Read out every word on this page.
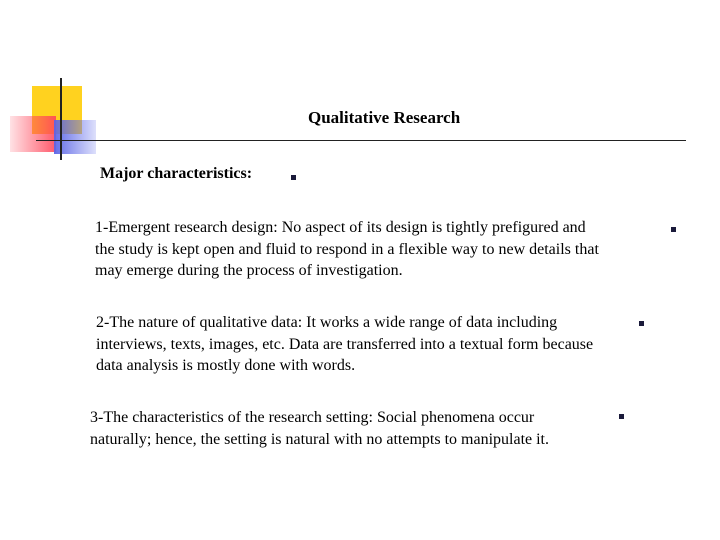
Qualitative Research
Major characteristics:
1-Emergent research design: No aspect of its design is tightly prefigured and
the study is kept open and fluid to respond in a flexible way to new details that
may emerge during the process of investigation.
2-The nature of qualitative data: It works a wide range of data including
interviews, texts, images, etc. Data are transferred into a textual form because
data analysis is mostly done with words.
3-The characteristics of the research setting: Social phenomena occur
naturally; hence, the setting is natural with no attempts to manipulate it.
